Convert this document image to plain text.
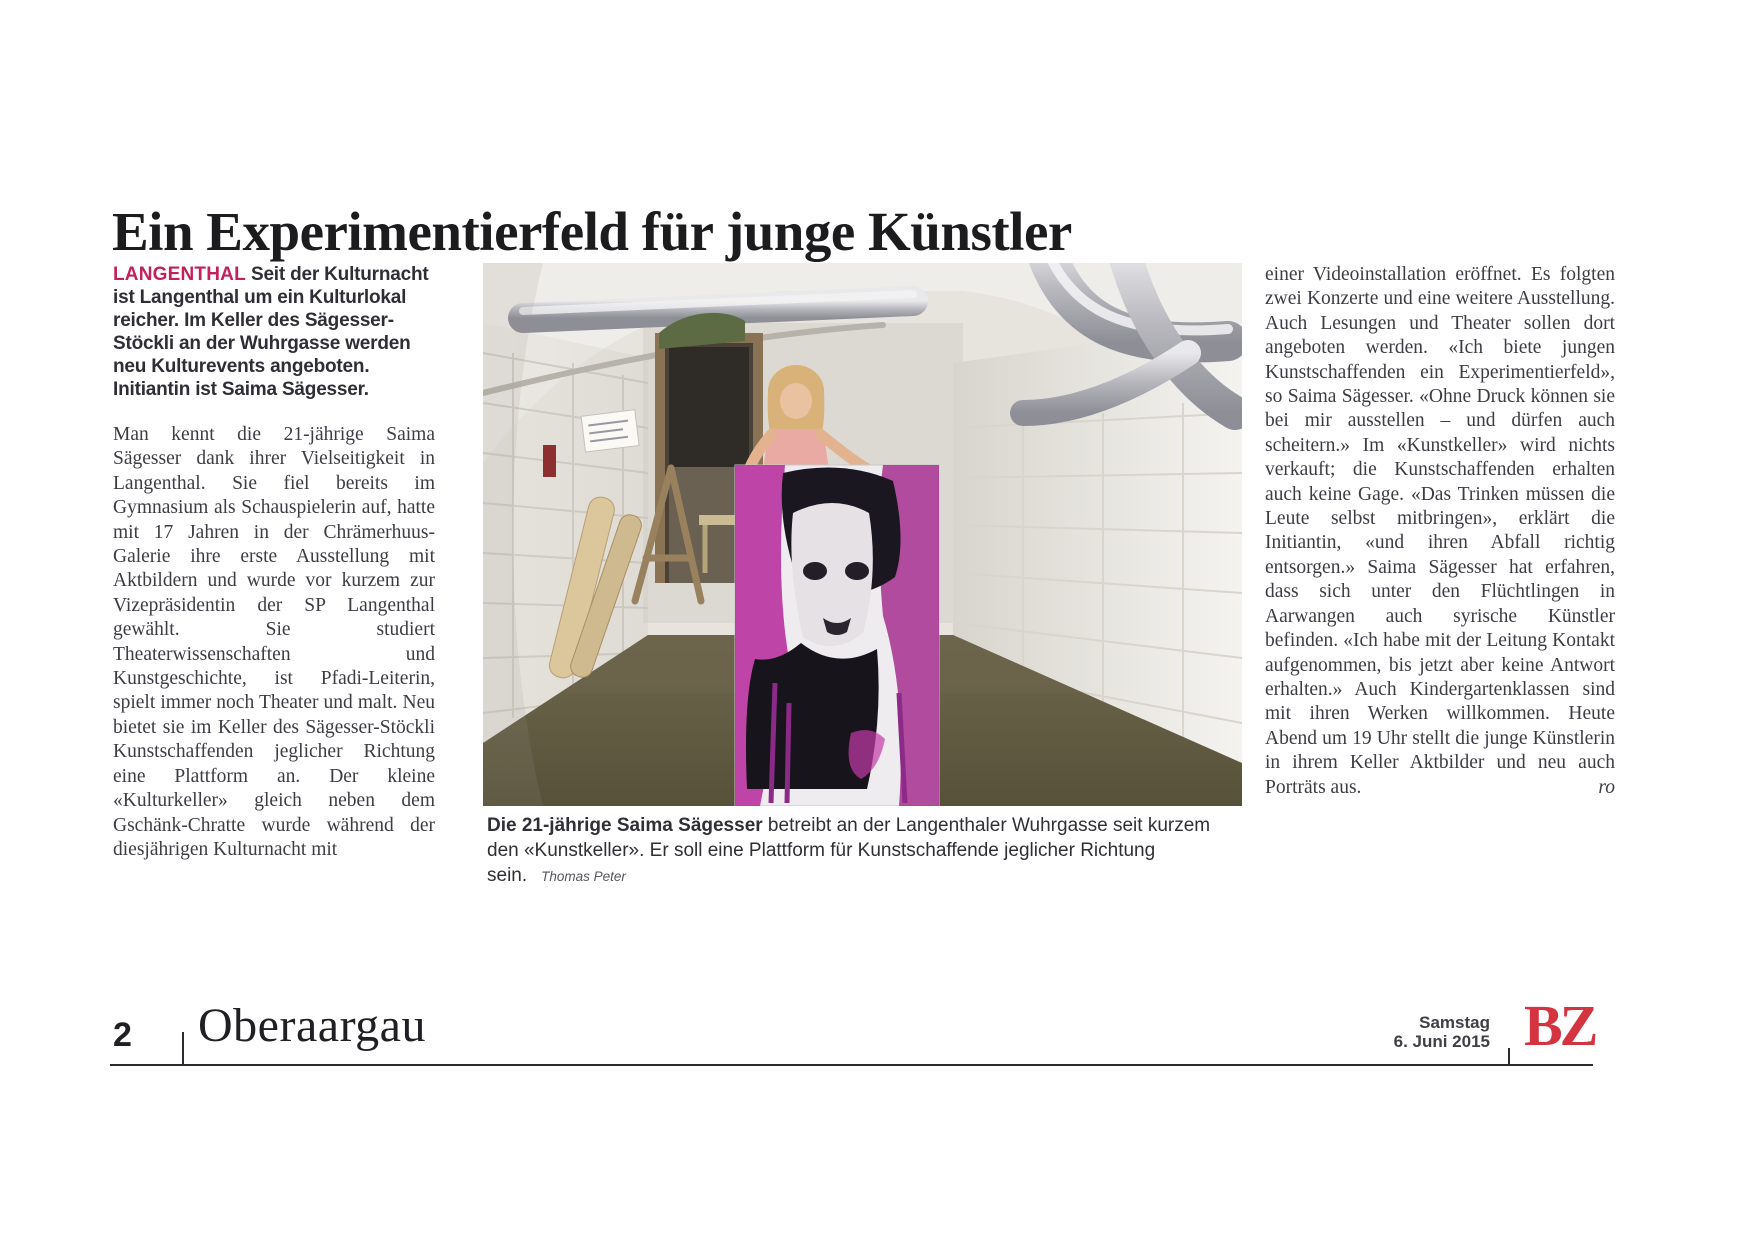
Ein Experimentierfeld für junge Künstler
LANGENTHAL Seit der Kulturnacht ist Langenthal um ein Kulturlokal reicher. Im Keller des Sägesser-Stöckli an der Wuhrgasse werden neu Kulturevents angeboten. Initiantin ist Saima Sägesser.

Man kennt die 21-jährige Saima Sägesser dank ihrer Vielseitigkeit in Langenthal. Sie fiel bereits im Gymnasium als Schauspielerin auf, hatte mit 17 Jahren in der Chrämerhuus-Galerie ihre erste Ausstellung mit Aktbildern und wurde vor kurzem zur Vizepräsidentin der SP Langenthal gewählt. Sie studiert Theaterwissenschaften und Kunstgeschichte, ist Pfadi-Leiterin, spielt immer noch Theater und malt. Neu bietet sie im Keller des Sägesser-Stöckli Kunstschaffenden jeglicher Richtung eine Plattform an. Der kleine «Kulturkeller» gleich neben dem Gschänk-Chratte wurde während der diesjährigen Kulturnacht mit

Die 21-jährige Saima Sägesser betreibt an der Langenthaler Wuhrgasse seit kurzem den «Kunstkeller». Er soll eine Plattform für Kunstschaffende jeglicher Richtung sein. Thomas Peter

einer Videoinstallation eröffnet. Es folgten zwei Konzerte und eine weitere Ausstellung. Auch Lesungen und Theater sollen dort angeboten werden. «Ich biete jungen Kunstschaffenden ein Experimentierfeld», so Saima Sägesser. «Ohne Druck können sie bei mir ausstellen – und dürfen auch scheitern.» Im «Kunstkeller» wird nichts verkauft; die Kunstschaffenden erhalten auch keine Gage. «Das Trinken müssen die Leute selbst mitbringen», erklärt die Initiantin, «und ihren Abfall richtig entsorgen.» Saima Sägesser hat erfahren, dass sich unter den Flüchtlingen in Aarwangen auch syrische Künstler befinden. «Ich habe mit der Leitung Kontakt aufgenommen, bis jetzt aber keine Antwort erhalten.» Auch Kindergartenklassen sind mit ihren Werken willkommen. Heute Abend um 19 Uhr stellt die junge Künstlerin in ihrem Keller Aktbilder und neu auch Porträts aus.	ro

2 Oberaargau	Samstag
6. Juni 2015 BZ
